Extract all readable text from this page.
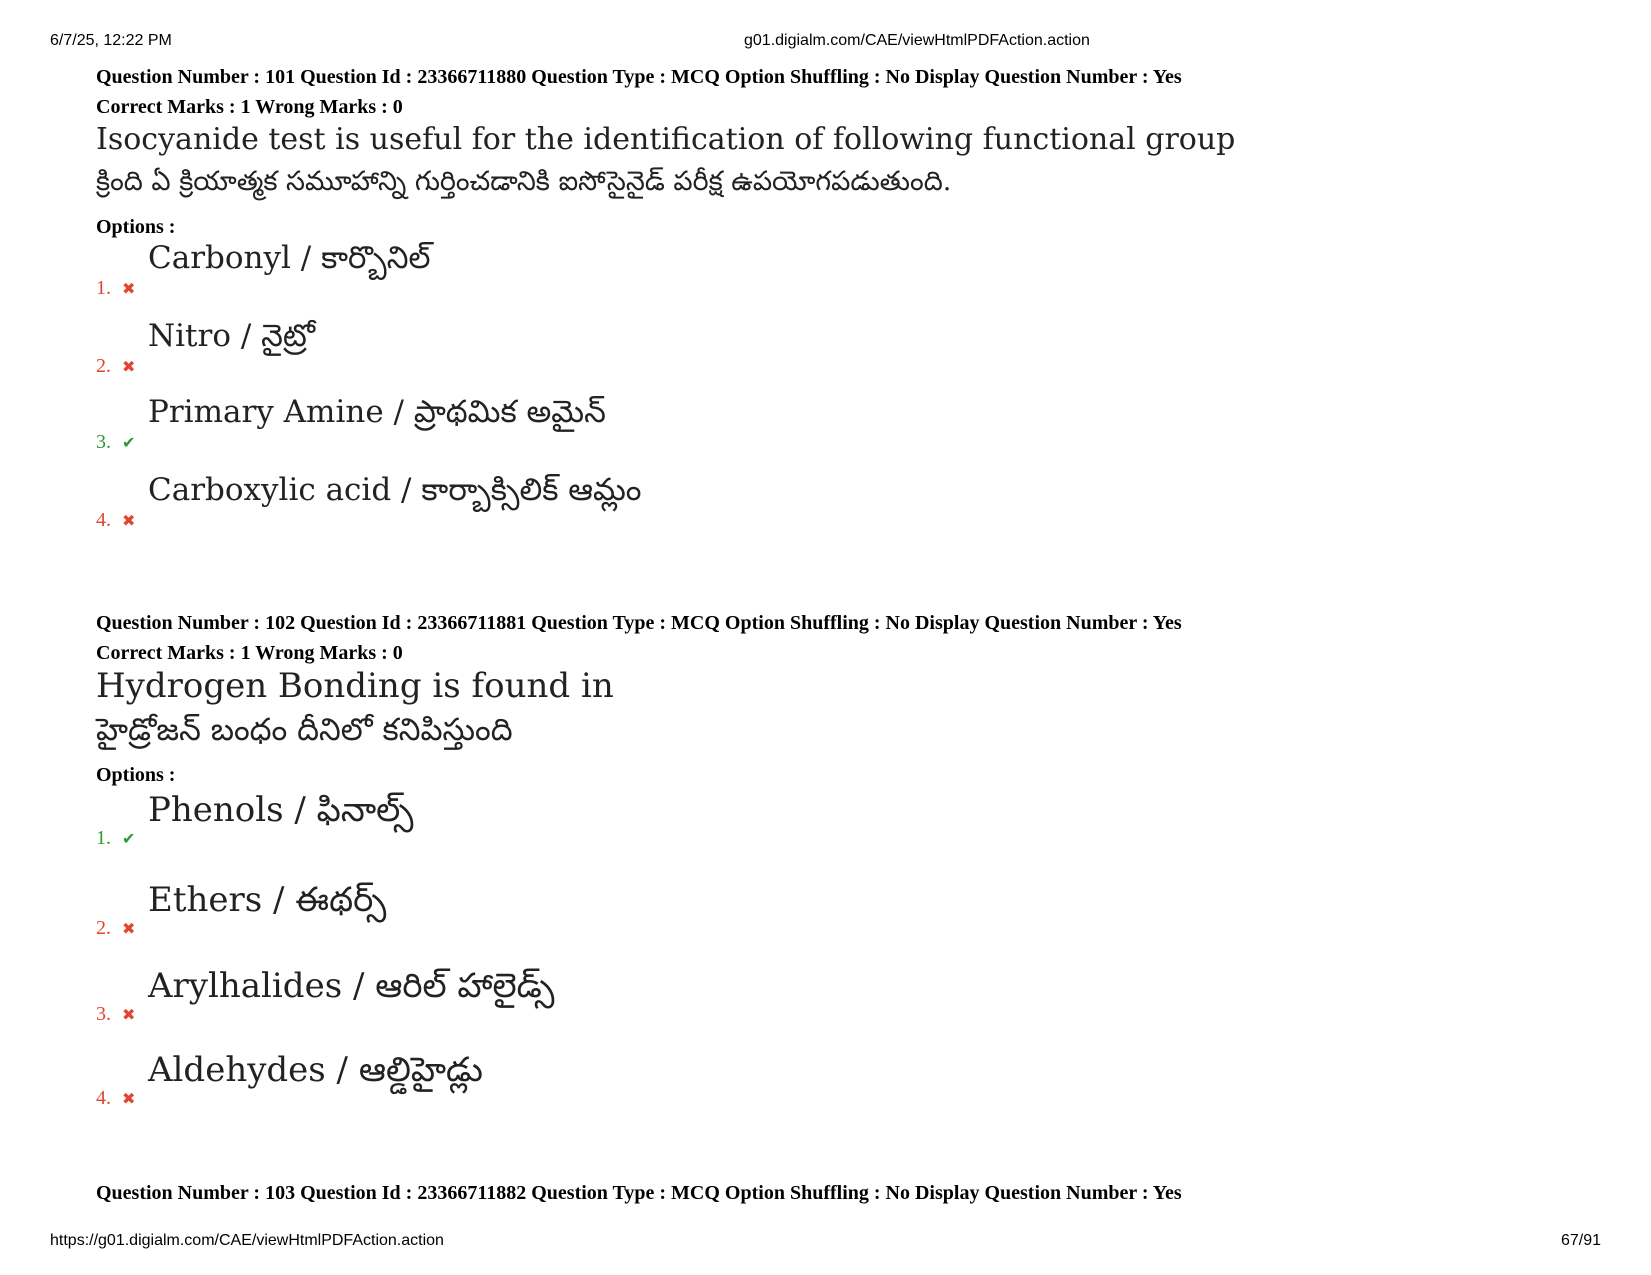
6/7/25, 12:22 PM	g01.digialm.com/CAE/viewHtmlPDFAction.action
Question Number : 101 Question Id : 23366711880 Question Type : MCQ Option Shuffling : No Display Question Number : Yes
Correct Marks : 1 Wrong Marks : 0
Isocyanide test is useful for the identification of following functional group
క్రింది ఏ క్రియాత్మక సమూహాన్ని గుర్తించడానికి ఐసోసైనైడ్ పరీక్ష ఉపయోగపడుతుంది.
Options :
1. ✖
Carbonyl / కార్బొనిల్
2. ✖
Nitro / నైట్రో
3. ✔
Primary Amine / ప్రాథమిక అమైన్
4. ✖
Carboxylic acid / కార్బాక్సిలిక్ ఆమ్లం
Question Number : 102 Question Id : 23366711881 Question Type : MCQ Option Shuffling : No Display Question Number : Yes
Correct Marks : 1 Wrong Marks : 0
Hydrogen Bonding is found in
హైడ్రోజన్ బంధం దీనిలో కనిపిస్తుంది
Options :
1. ✔
Phenols / ఫినాల్స్
2. ✖
Ethers / ఈథర్స్
3. ✖
Arylhalides / ఆరిల్ హాలైడ్స్
4. ✖
Aldehydes / ఆల్డిహైడ్లు
Question Number : 103 Question Id : 23366711882 Question Type : MCQ Option Shuffling : No Display Question Number : Yes
https://g01.digialm.com/CAE/viewHtmlPDFAction.action	67/91
